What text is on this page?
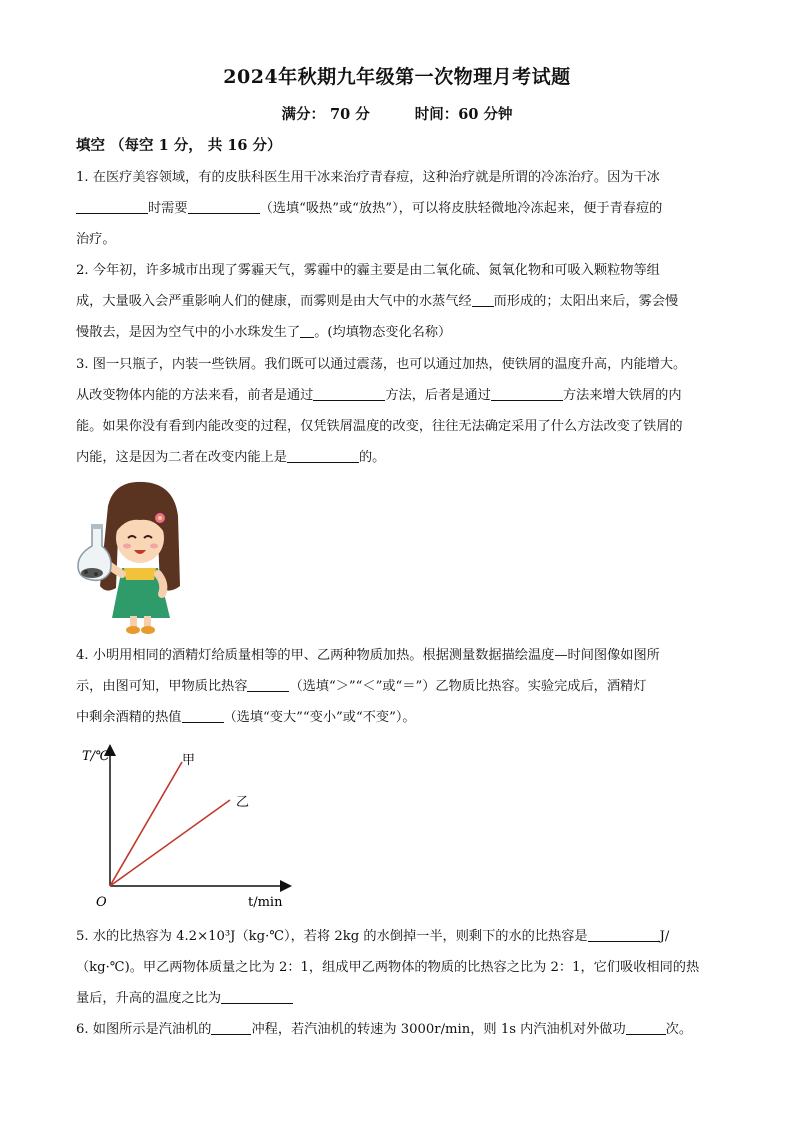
2024年秋期九年级第一次物理月考试题
满分： 70 分	时间：60 分钟
填空 （每空 1 分， 共 16 分）
1. 在医疗美容领域，有的皮肤科医生用干冰来治疗青春痘，这种治疗就是所谓的冷冻治疗。因为干冰
时需要	（选填“吸热”或“放热”），可以将皮肤轻微地冷冻起来，便于青春痘的
治疗。
2. 今年初，许多城市出现了雾霾天气，雾霾中的霾主要是由二氧化硫、氮氧化物和可吸入颗粒物等组
成，大量吸入会严重影响人们的健康，而雾则是由大气中的水蒸气经 而形成的；太阳出来后，雾会慢
慢散去，是因为空气中的小水珠发生了 。(均填物态变化名称）
3. 图一只瓶子，内装一些铁屑。我们既可以通过震荡，也可以通过加热，使铁屑的温度升高，内能增大。
从改变物体内能的方法来看，前者是通过	方法，后者是通过	方法来增大铁屑的内
能。如果你没有看到内能改变的过程，仅凭铁屑温度的改变，往往无法确定采用了什么方法改变了铁屑的
内能，这是因为二者在改变内能上是	的。
4. 小明用相同的酒精灯给质量相等的甲、乙两种物质加热。根据测量数据描绘温度—时间图像如图所
示，由图可知，甲物质比热容	（选填“＞”“＜”或“＝”）乙物质比热容。实验完成后，酒精灯
中剩余酒精的热值	（选填“变大”“变小”或“不变”）。
T/℃
t/min
O
甲
乙
5. 水的比热容为 4.2×10³J（kg·℃），若将 2kg 的水倒掉一半，则剩下的水的比热容是	J/
（kg·℃)。甲乙两物体质量之比为 2：1，组成甲乙两物体的物质的比热容之比为 2：1，它们吸收相同的热
量后，升高的温度之比为
6. 如图所示是汽油机的	冲程，若汽油机的转速为 3000r/min，则 1s 内汽油机对外做功	次。
